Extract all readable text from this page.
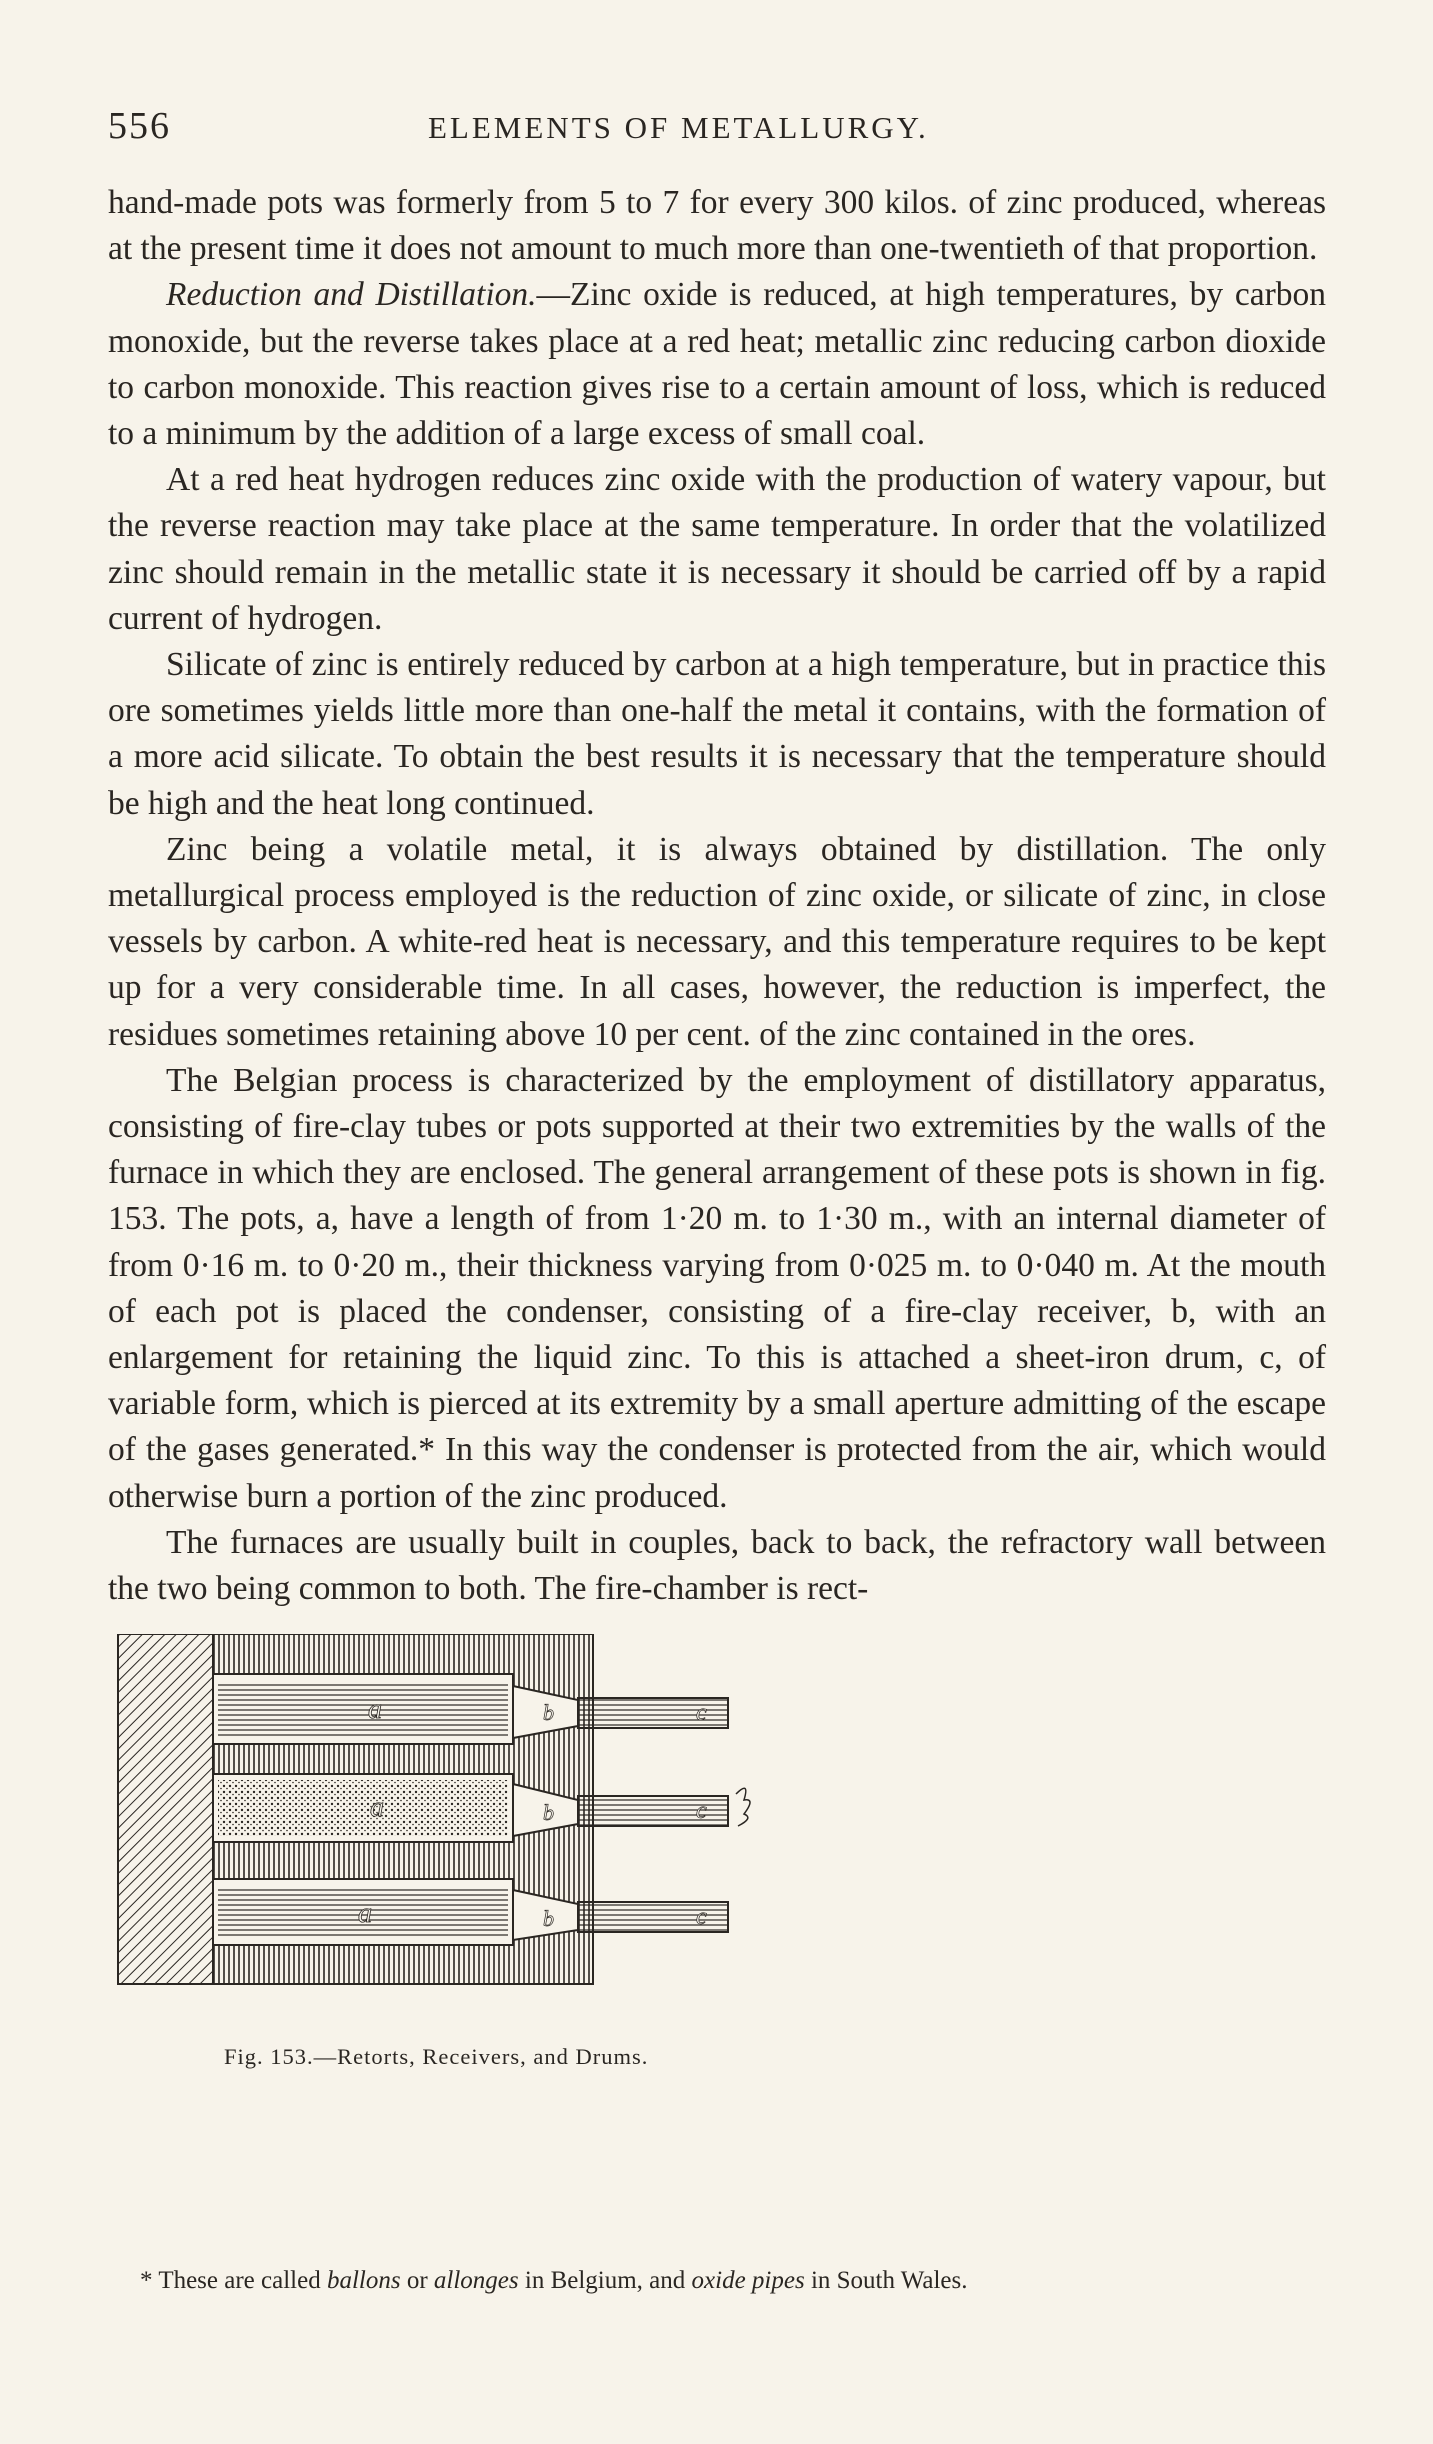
556	ELEMENTS OF METALLURGY.

hand-made pots was formerly from 5 to 7 for every 300 kilos. of zinc produced, whereas at the present time it does not amount to much more than one-twentieth of that proportion.

Reduction and Distillation.—Zinc oxide is reduced, at high temperatures, by carbon monoxide, but the reverse takes place at a red heat; metallic zinc reducing carbon dioxide to carbon monoxide. This reaction gives rise to a certain amount of loss, which is reduced to a minimum by the addition of a large excess of small coal.

At a red heat hydrogen reduces zinc oxide with the production of watery vapour, but the reverse reaction may take place at the same temperature. In order that the volatilized zinc should remain in the metallic state it is necessary it should be carried off by a rapid current of hydrogen.

Silicate of zinc is entirely reduced by carbon at a high temperature, but in practice this ore sometimes yields little more than one-half the metal it contains, with the formation of a more acid silicate. To obtain the best results it is necessary that the temperature should be high and the heat long continued.

Zinc being a volatile metal, it is always obtained by distillation. The only metallurgical process employed is the reduction of zinc oxide, or silicate of zinc, in close vessels by carbon. A white-red heat is necessary, and this temperature requires to be kept up for a very considerable time. In all cases, however, the reduction is imperfect, the residues sometimes retaining above 10 per cent. of the zinc contained in the ores.

The Belgian process is characterized by the employment of distillatory apparatus, consisting of fire-clay tubes or pots supported at their two extremities by the walls of the furnace in which they are enclosed. The general arrangement of these pots is shown in fig. 153. The pots, a, have a length of from 1·20 m. to 1·30 m., with an internal diameter of from 0·16 m. to 0·20 m., their thickness varying from 0·025 m. to 0·040 m. At the mouth of each pot is placed the condenser, consisting of a fire-clay receiver, b, with an enlargement for retaining the liquid zinc. To this is attached a sheet-iron drum, c, of variable form, which is pierced at its extremity by a small aperture admitting of the escape of the gases generated.* In this way the condenser is protected from the air, which would otherwise burn a portion of the zinc produced.

The furnaces are usually built in couples, back to back, the refractory wall between the two being common to both. The fire-chamber is rect-

a
a
a
b
b
b
c
c
c
Fig. 153.—Retorts, Receivers, and Drums.
* These are called ballons or allonges in Belgium, and oxide pipes in South Wales.
